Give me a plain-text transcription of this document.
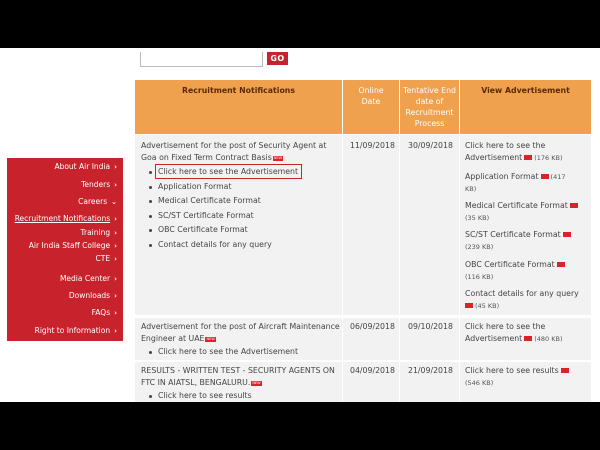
GO
About Air India ›
Tenders ›
Careers ⌄
Recruitment Notifications ›
Training ›
Air India Staff College ›
CTE ›
Media Center ›
Downloads ›
FAQs ›
Right to Information ›
Recruitment Notifications	Online Date
Tentative End date of Recruitment Process
View Advertisement
Advertisement for the post of Security Agent at Goa on Fixed Term Contract Basis NEW
Click here to see the Advertisement
Application Format
Medical Certificate Format
SC/ST Certificate Format
OBC Certificate Format
Contact details for any query
11/09/2018 30/09/2018 Click here to see the
Advertisement (176 KB)
Application Format (417
KB)
Medical Certificate Format
(35 KB)
SC/ST Certificate Format
(239 KB)
OBC Certificate Format
(116 KB)
Contact details for any query
(45 KB)
Advertisement for the post of Aircraft Maintenance
Engineer at UAE NEW
Click here to see the Advertisement
06/09/2018 09/10/2018 Click here to see the
Advertisement (480 KB)
RESULTS - WRITTEN TEST - SECURITY AGENTS ON
FTC IN AIATSL, BENGALURU. NEW
Click here to see results
04/09/2018 21/09/2018 Click here to see results
(546 KB)
